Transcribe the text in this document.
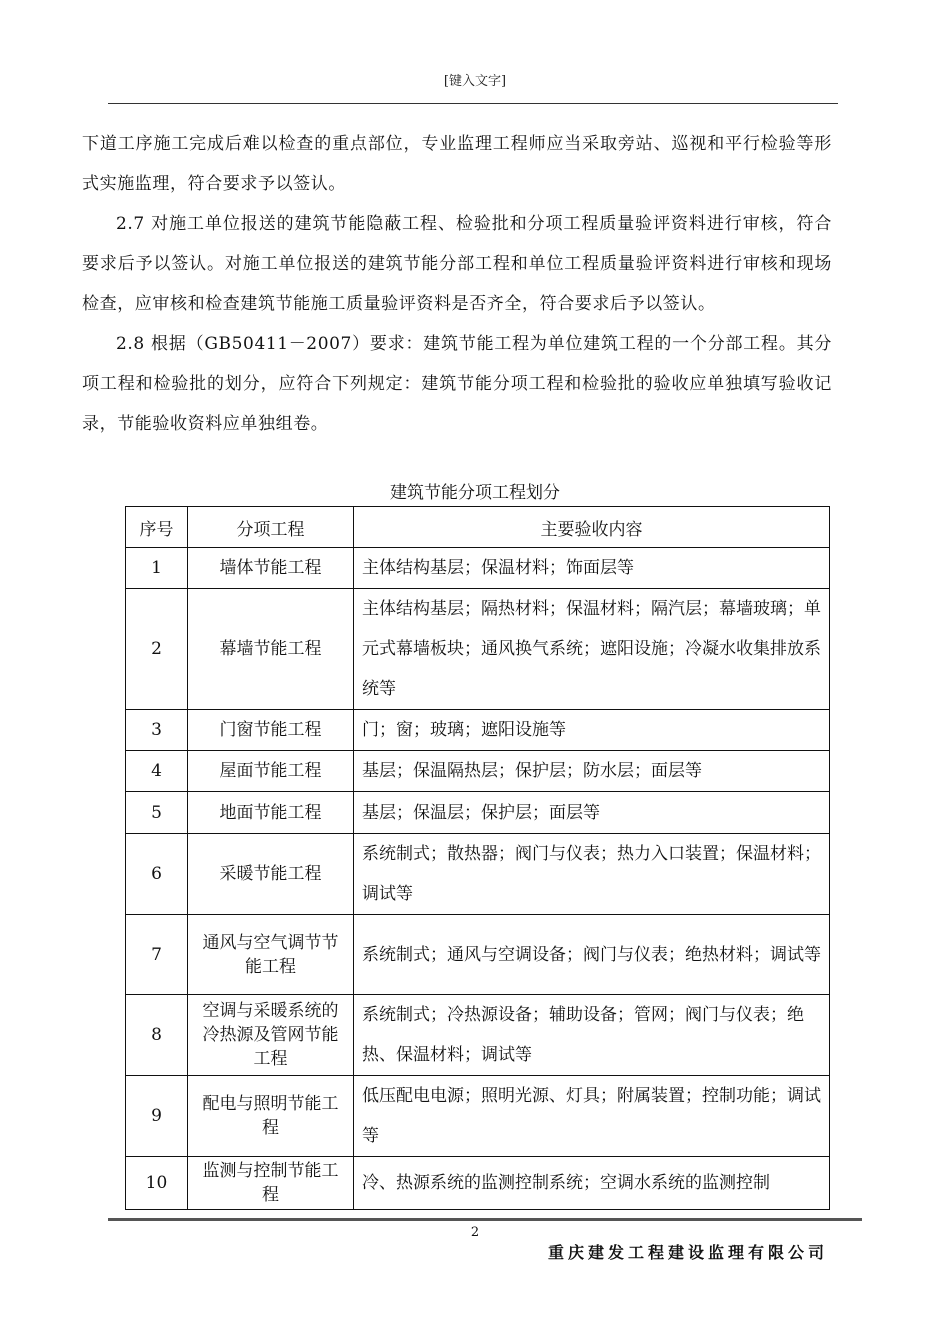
[键入文字]

下道工序施工完成后难以检查的重点部位，专业监理工程师应当采取旁站、巡视和平行检验等形式实施监理，符合要求予以签认。

2.7 对施工单位报送的建筑节能隐蔽工程、检验批和分项工程质量验评资料进行审核，符合要求后予以签认。对施工单位报送的建筑节能分部工程和单位工程质量验评资料进行审核和现场检查，应审核和检查建筑节能施工质量验评资料是否齐全，符合要求后予以签认。

2.8 根据（GB50411－2007）要求：建筑节能工程为单位建筑工程的一个分部工程。其分项工程和检验批的划分，应符合下列规定：建筑节能分项工程和检验批的验收应单独填写验收记录，节能验收资料应单独组卷。

建筑节能分项工程划分
序号	分项工程	主要验收内容
1	墙体节能工程	主体结构基层；保温材料；饰面层等
2	幕墙节能工程	主体结构基层；隔热材料；保温材料；隔汽层；幕墙玻璃；单元式幕墙板块；通风换气系统；遮阳设施；冷凝水收集排放系统等
3	门窗节能工程	门；窗；玻璃；遮阳设施等
4	屋面节能工程	基层；保温隔热层；保护层；防水层；面层等
5	地面节能工程	基层；保温层；保护层；面层等
6	采暖节能工程	系统制式；散热器；阀门与仪表；热力入口装置；保温材料；调试等
7	通风与空气调节节能工程	系统制式；通风与空调设备；阀门与仪表；绝热材料；调试等
8	空调与采暖系统的冷热源及管网节能工程	系统制式；冷热源设备；辅助设备；管网；阀门与仪表；绝热、保温材料；调试等
9	配电与照明节能工程	低压配电电源；照明光源、灯具；附属装置；控制功能；调试等
10	监测与控制节能工程	冷、热源系统的监测控制系统；空调水系统的监测控制
2
重庆建发工程建设监理有限公司
